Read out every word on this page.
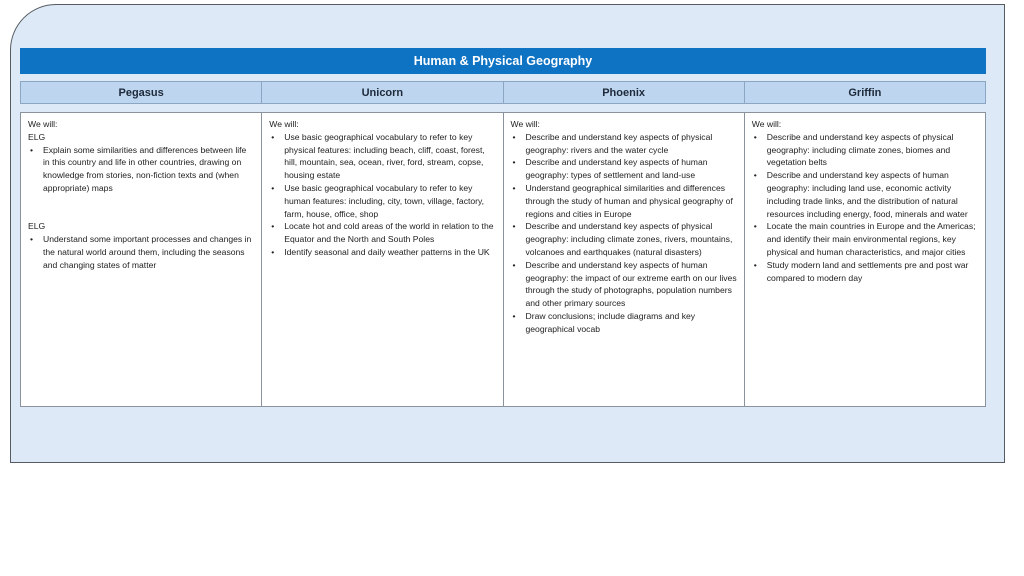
Human & Physical Geography
Pegasus	Unicorn	Phoenix	Griffin
We will:
ELG
• Explain some similarities and differences between life in this country and life in other countries, drawing on knowledge from stories, non-fiction texts and (when appropriate) maps
ELG
• Understand some important processes and changes in the natural world around them, including the seasons and changing states of matter
We will:
• Use basic geographical vocabulary to refer to key physical features: including beach, cliff, coast, forest, hill, mountain, sea, ocean, river, ford, stream, copse, housing estate
• Use basic geographical vocabulary to refer to key human features: including, city, town, village, factory, farm, house, office, shop
• Locate hot and cold areas of the world in relation to the Equator and the North and South Poles
• Identify seasonal and daily weather patterns in the UK
We will:
• Describe and understand key aspects of physical geography: rivers and the water cycle
• Describe and understand key aspects of human geography: types of settlement and land-use
• Understand geographical similarities and differences through the study of human and physical geography of regions and cities in Europe
• Describe and understand key aspects of physical geography: including climate zones, rivers, mountains, volcanoes and earthquakes (natural disasters)
• Describe and understand key aspects of human geography: the impact of our extreme earth on our lives through the study of photographs, population numbers and other primary sources
• Draw conclusions; include diagrams and key geographical vocab
We will:
• Describe and understand key aspects of physical geography: including climate zones, biomes and vegetation belts
• Describe and understand key aspects of human geography: including land use, economic activity including trade links, and the distribution of natural resources including energy, food, minerals and water
• Locate the main countries in Europe and the Americas; and identify their main environmental regions, key physical and human characteristics, and major cities
• Study modern land and settlements pre and post war compared to modern day
